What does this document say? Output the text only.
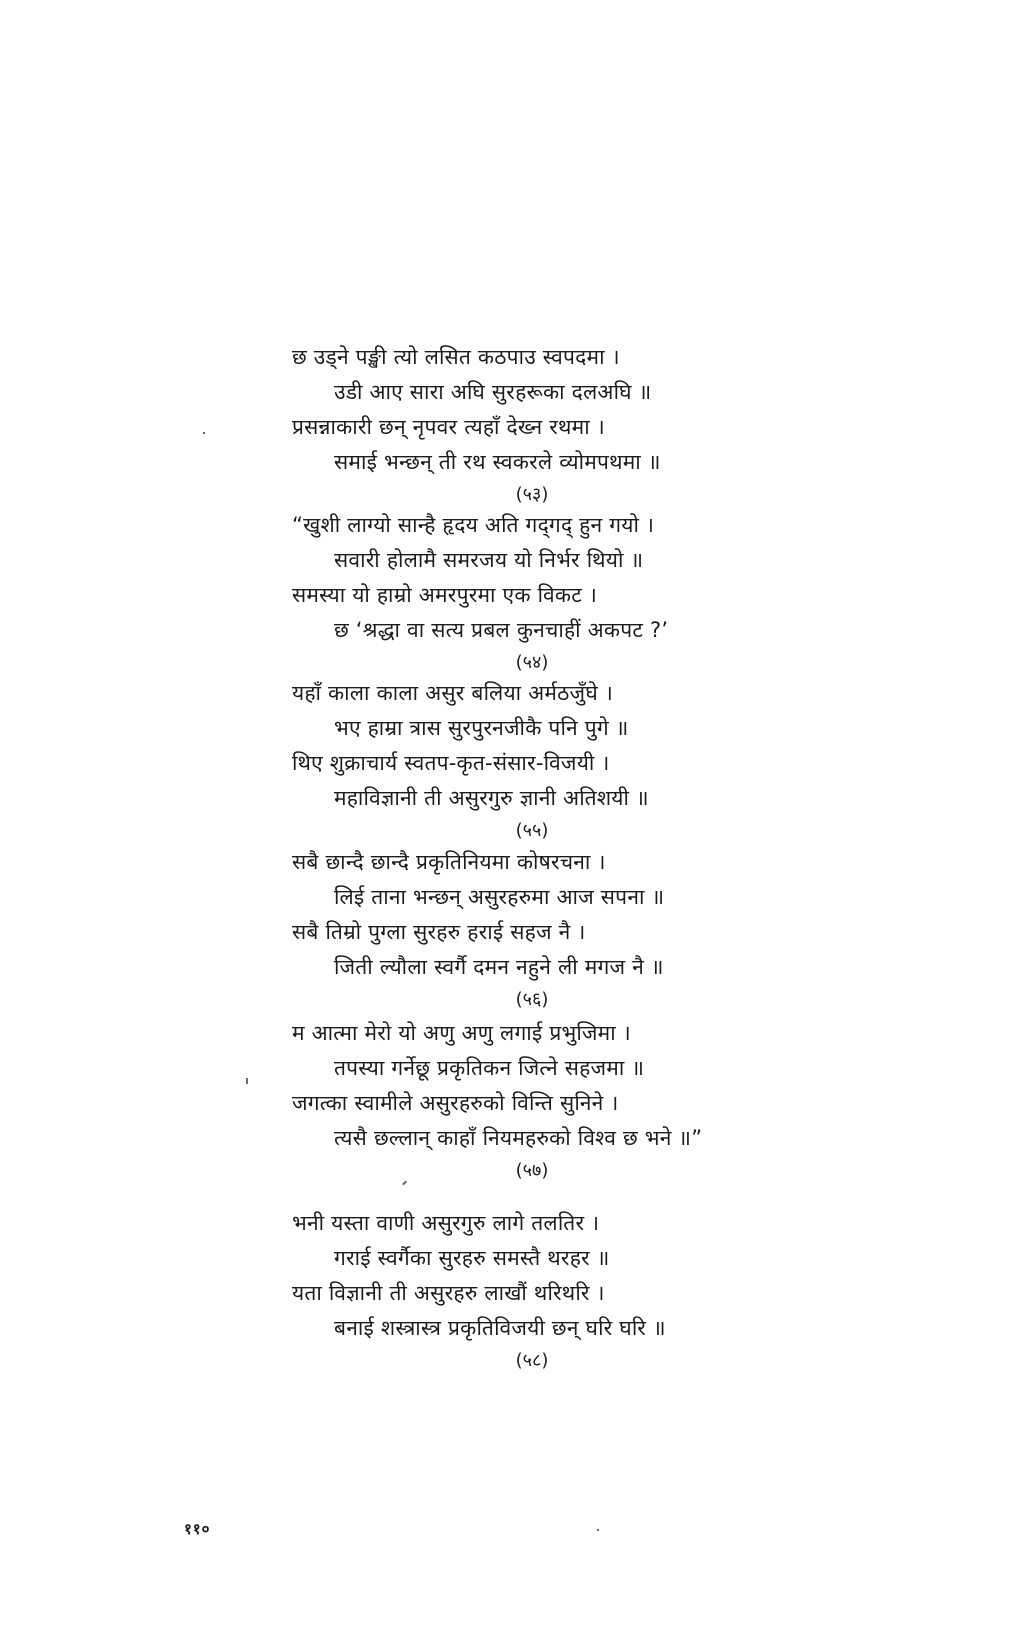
छ उड्ने पङ्खी त्यो लसित कठपाउ स्वपदमा ।
उडी आए सारा अघि सुरहरूका दलअघि ॥
प्रसन्नाकारी छन् नृपवर त्यहाँ देख्न रथमा ।
समाई भन्छन् ती रथ स्वकरले व्योमपथमा ॥
(५३)
“खुशी लाग्यो सान्है हृदय अति गद्‌गद् हुन गयो ।
सवारी होलामै समरजय यो निर्भर थियो ॥
समस्या यो हाम्रो अमरपुरमा एक विकट ।
छ ‘श्रद्धा वा सत्य प्रबल कुनचाहीं अकपट ?’
(५४)
यहाँ काला काला असुर बलिया अर्मठजुँघे ।
भए हाम्रा त्रास सुरपुरनजीकै पनि पुगे ॥
थिए शुक्राचार्य स्वतप-कृत-संसार-विजयी ।
महाविज्ञानी ती असुरगुरु ज्ञानी अतिशयी ॥
(५५)
सबै छान्दै छान्दै प्रकृतिनियमा कोषरचना ।
लिई ताना भन्छन् असुरहरुमा आज सपना ॥
सबै तिम्रो पुग्ला सुरहरु हराई सहज नै ।
जिती ल्यौला स्वर्गै दमन नहुने ली मगज नै ॥
(५६)
म आत्मा मेरो यो अणु अणु लगाई प्रभुजिमा ।
तपस्या गर्नेछू प्रकृतिकन जित्ने सहजमा ॥
जगत्का स्वामीले असुरहरुको विन्ति सुनिने ।
त्यसै छल्लान् काहाँ नियमहरुको विश्व छ भने ॥”
(५७)
भनी यस्ता वाणी असुरगुरु लागे तलतिर ।
गराई स्वर्गैका सुरहरु समस्तै थरहर ॥
यता विज्ञानी ती असुरहरु लाखौं थरिथरि ।
बनाई शस्त्रास्त्र प्रकृतिविजयी छन् घरि घरि ॥
(५८)
११०
